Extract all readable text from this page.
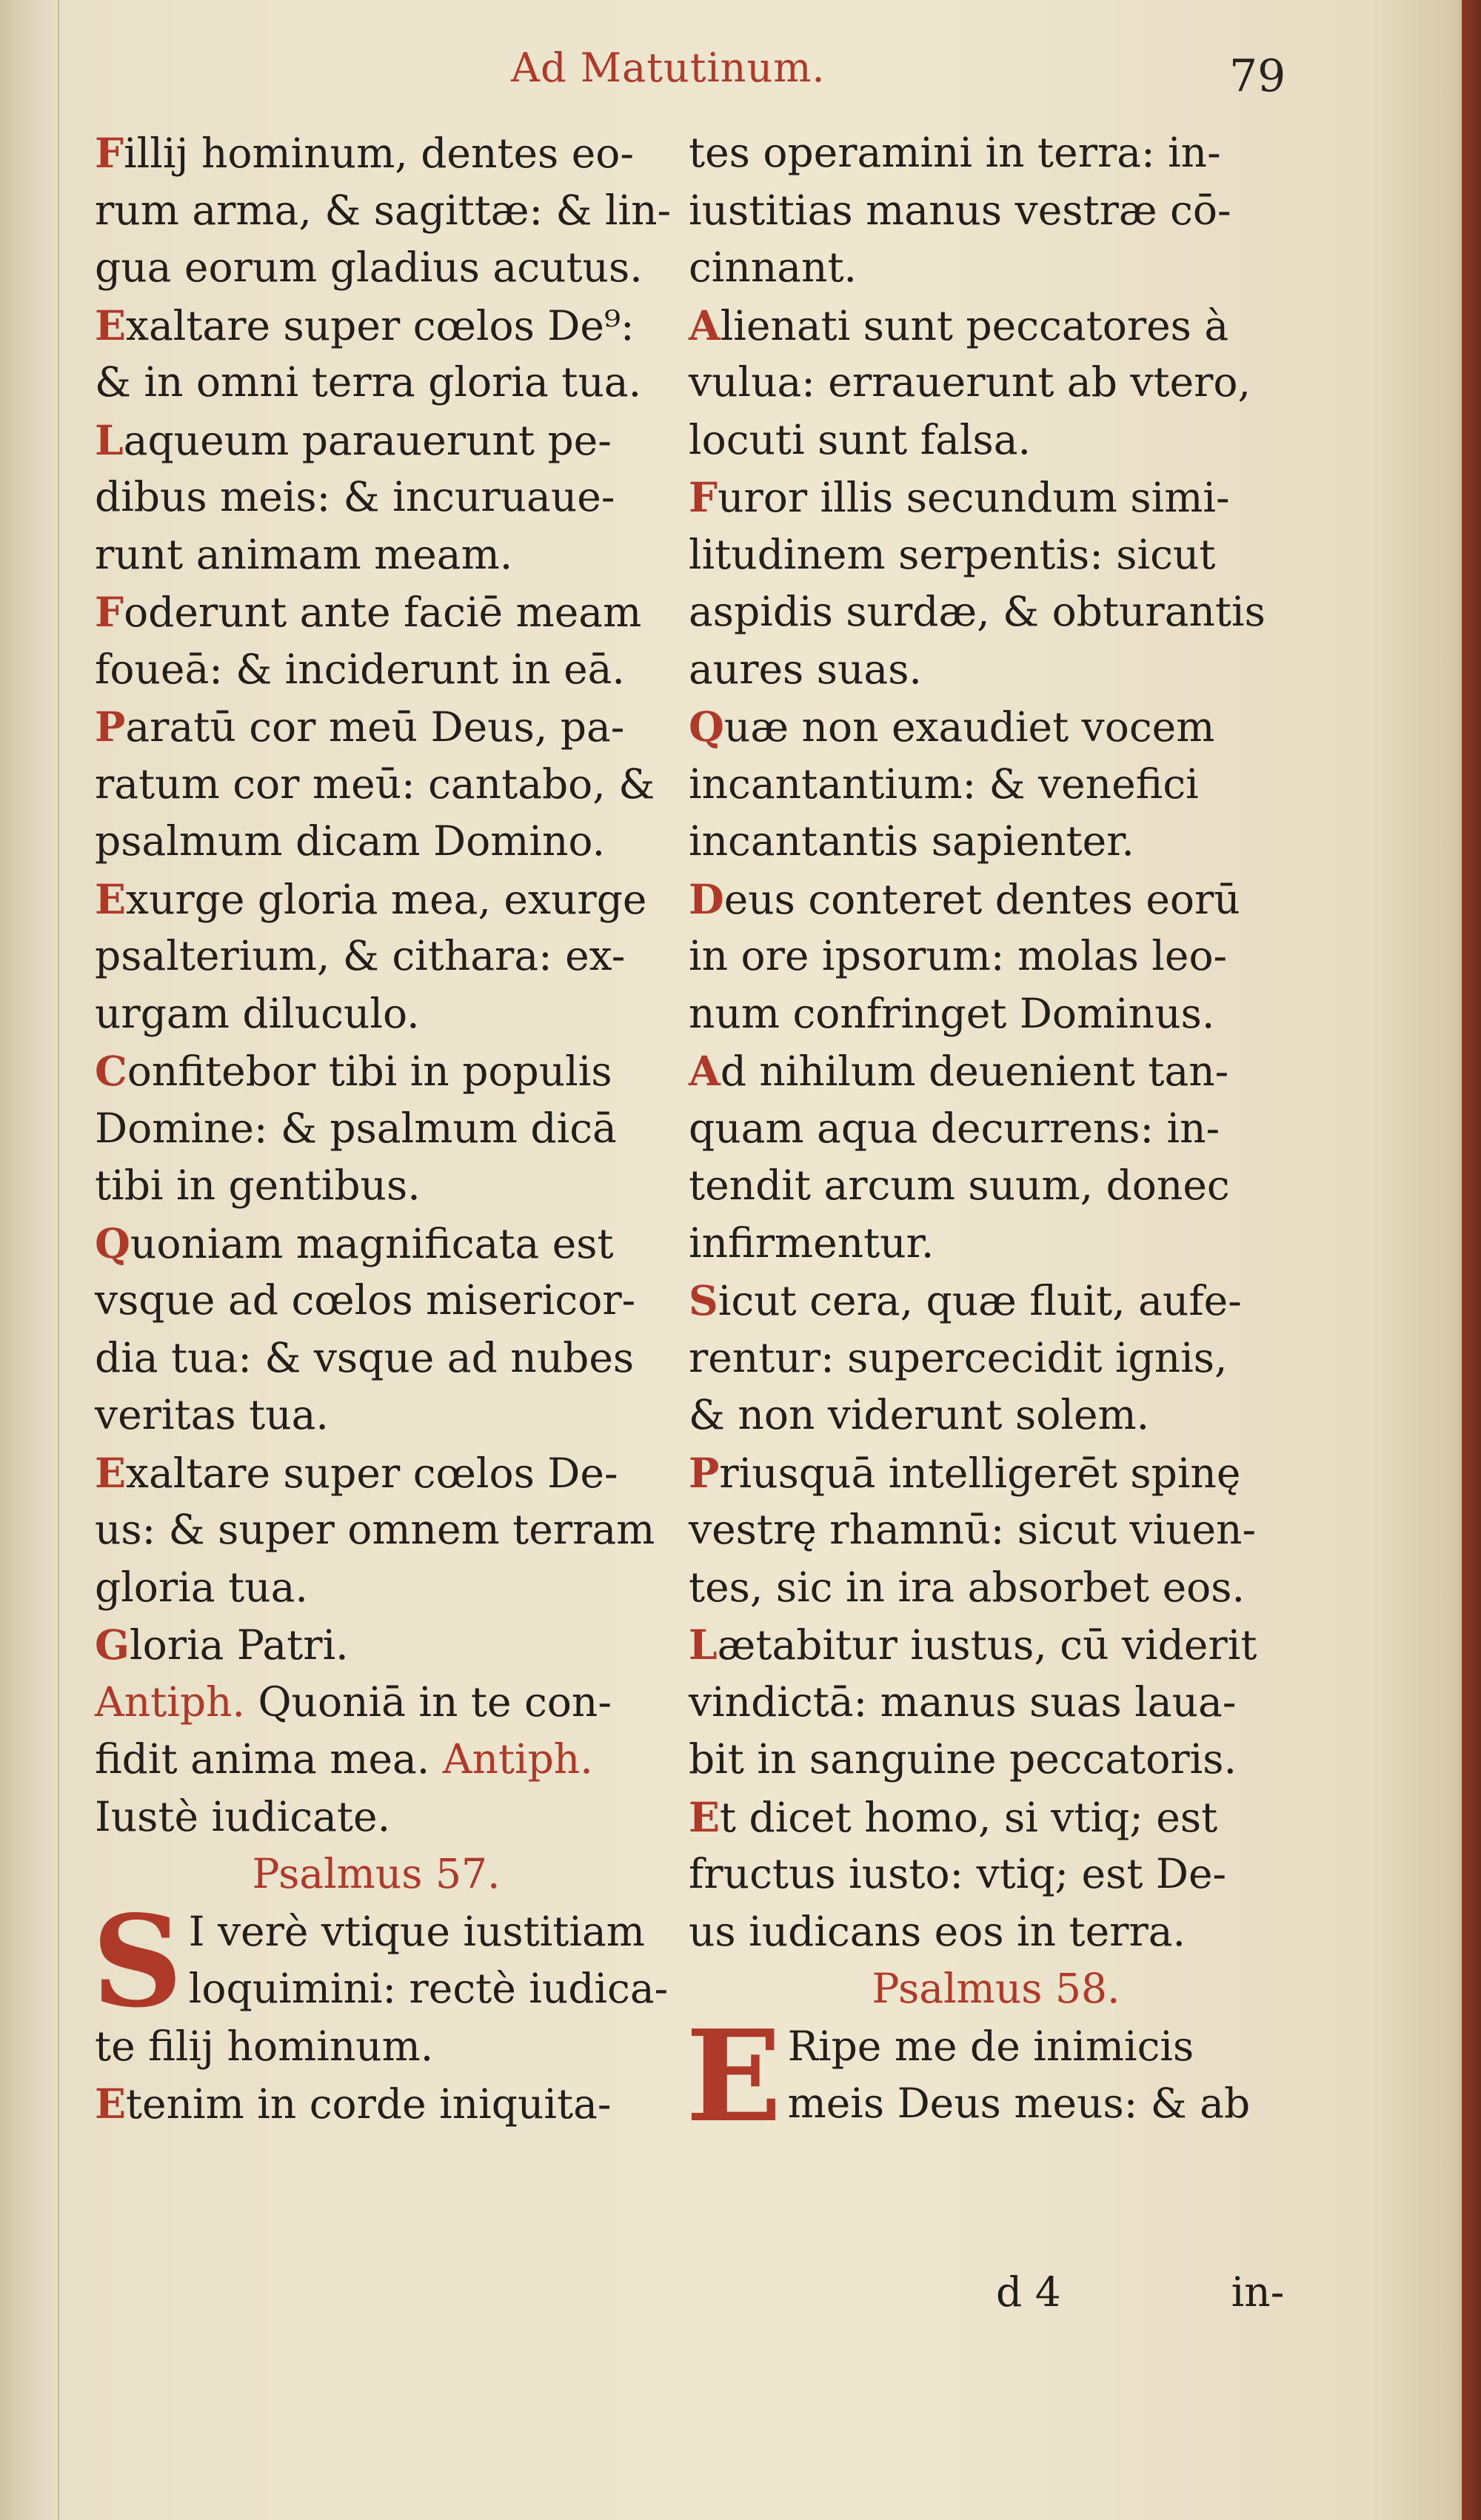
Ad Matutinum.	79
Fillij hominum, dentes eo-
rum arma, & sagittæ: & lin-
gua eorum gladius acutus.
Exaltare super cœlos De⁹:
& in omni terra gloria tua.
Laqueum parauerunt pe-
dibus meis: & incuruaue-
runt animam meam.
Foderunt ante faciē meam
foueā: & inciderunt in eā.
Paratū cor meū Deus, pa-
ratum cor meū: cantabo, &
psalmum dicam Domino.
Exurge gloria mea, exurge
psalterium, & cithara: ex-
urgam diluculo.
Confitebor tibi in populis
Domine: & psalmum dicā
tibi in gentibus.
Quoniam magnificata est
vsque ad cœlos misericor-
dia tua: & vsque ad nubes
veritas tua.
Exaltare super cœlos De-
us: & super omnem terram
gloria tua.
Gloria Patri.
Antiph. Quoniā in te con-
fidit anima mea. Antiph.
Iustè iudicate.
Psalmus 57.
S I verè vtique iustitiam
loquimini: rectè iudica-
te filij hominum.
Etenim in corde iniquita-
tes operamini in terra: in-
iustitias manus vestræ cō-
cinnant.
Alienati sunt peccatores à
vulua: errauerunt ab vtero,
locuti sunt falsa.
Furor illis secundum simi-
litudinem serpentis: sicut
aspidis surdæ, & obturantis
aures suas.
Quæ non exaudiet vocem
incantantium: & venefici
incantantis sapienter.
Deus conteret dentes eorū
in ore ipsorum: molas leo-
num confringet Dominus.
Ad nihilum deuenient tan-
quam aqua decurrens: in-
tendit arcum suum, donec
infirmentur.
Sicut cera, quæ fluit, aufe-
rentur: supercecidit ignis,
& non viderunt solem.
Priusquā intelligerēt spinę
vestrę rhamnū: sicut viuen-
tes, sic in ira absorbet eos.
Lætabitur iustus, cū viderit
vindictā: manus suas laua-
bit in sanguine peccatoris.
Et dicet homo, si vtiq; est
fructus iusto: vtiq; est De-
us iudicans eos in terra.
Psalmus 58.
E Ripe me de inimicis
meis Deus meus: & ab
d 4	in-
